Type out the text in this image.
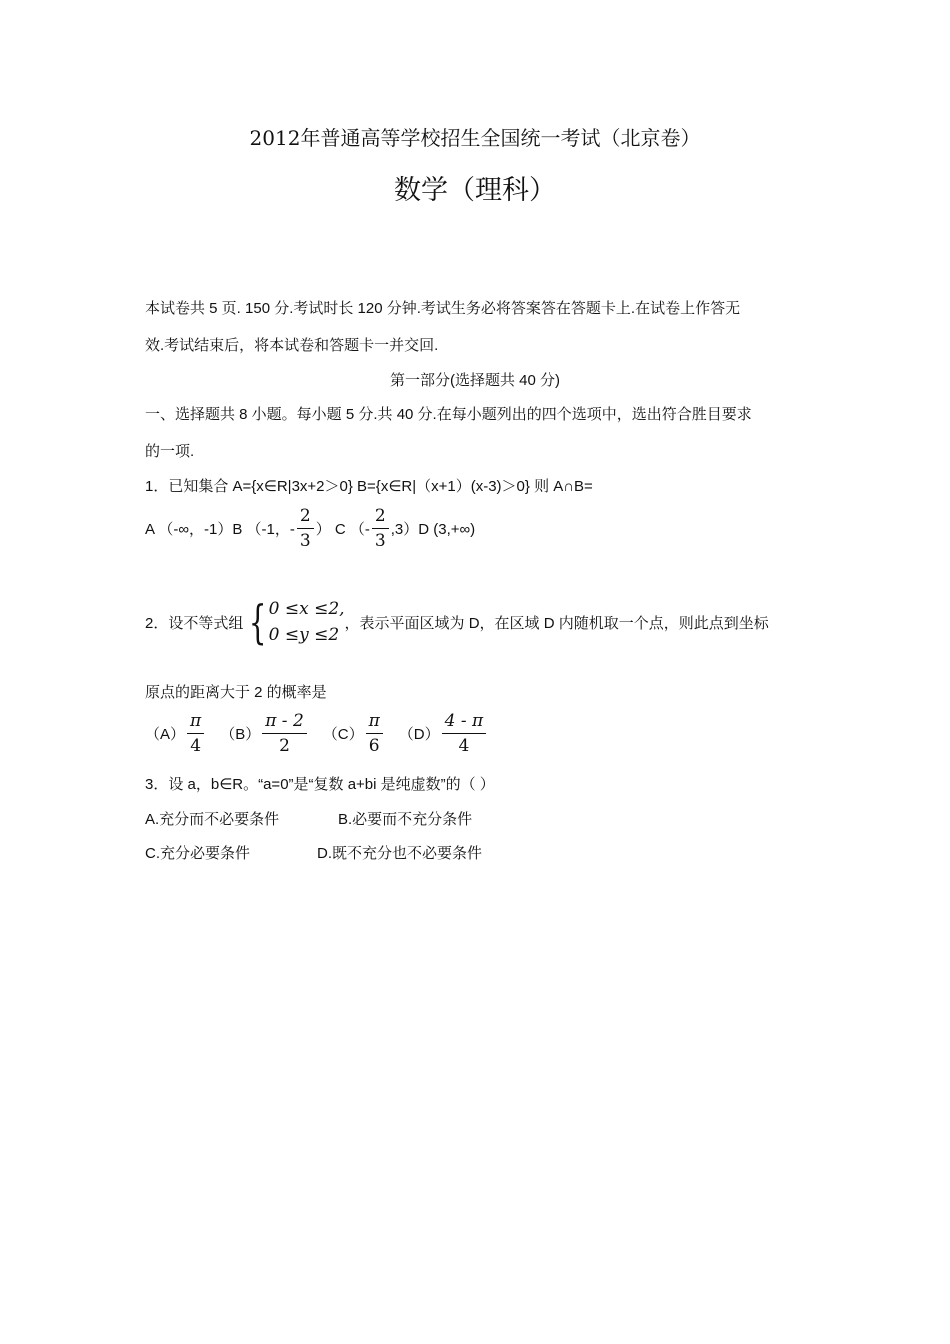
2012年普通高等学校招生全国统一考试（北京卷）
数学（理科）
本试卷共 5 页. 150 分.考试时长 120 分钟.考试生务必将答案答在答题卡上.在试卷上作答无
效.考试结束后，将本试卷和答题卡一并交回.
第一部分(选择题共 40 分)
一、选择题共 8 小题。每小题 5 分.共 40 分.在每小题列出的四个选项中，选出符合胜目要求
的一项.
1．已知集合 A={x∈R|3x+2＞0} B={x∈R|（x+1）(x-3)＞0} 则 A∩B=
A （-∞，-1）B （-1，- $\frac{2}{3}$ ） C （- $\frac{2}{3} ,3)D$ (3,+∞)
2．设不等式组 { 0 ≤x ≤2,
0 ≤y ≤2
，表示平面区域为 D，在区域 D 内随机取一个点，则此点到坐标
原点的距离大于 2 的概率是
$(A) \frac{\pi}{4} (B) \frac{\pi - 2}{2} (C) \frac{\pi}{6} (D) \frac{4 - \pi}{4}$
3．设 a，b∈R。“a=0”是“复数 a+bi 是纯虚数”的（ ）
A.充分而不必要条件	B.必要而不充分条件
C.充分必要条件	D.既不充分也不必要条件
